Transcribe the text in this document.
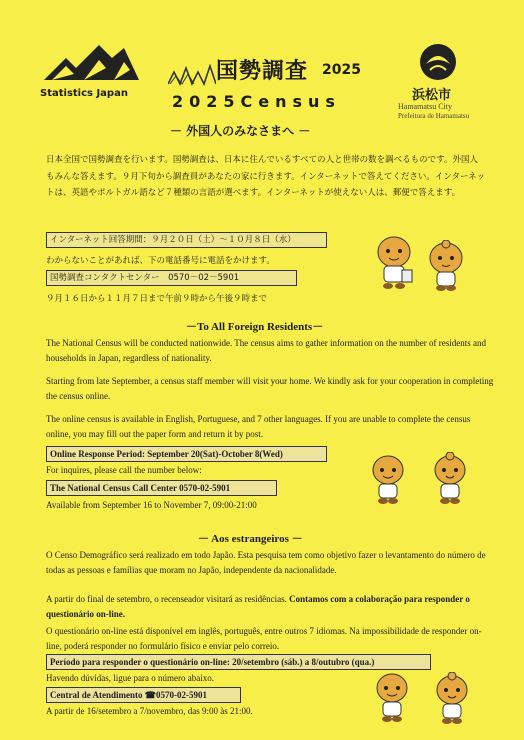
Statistics Japan
国勢調査 2025
2025Census	浜松市
Hamamatsu City
Prefeitura de Hamamatsu
－ 外国人のみなさまへ －
日本全国で国勢調査を行います。国勢調査は、日本に住んでいるすべての人と世帯の数を調べるものです。外国人もみんな答えます。９月下旬から調査員があなたの家に行きます。インターネットで答えてください。インターネットは、英語やポルトガル語など７種類の言語が選べます。インターネットが使えない人は、郵便で答えます。
インターネット回答期間：９月２０日（土）～１０月８日（水）
わからないことがあれば、下の電話番号に電話をかけます。
国勢調査コンタクトセンター　0570－02－5901
９月１６日から１１月７日まで午前９時から午後９時まで
－To All Foreign Residents－
The National Census will be conducted nationwide. The census aims to gather information on the number of residents and households in Japan, regardless of nationality.
Starting from late September, a census staff member will visit your home. We kindly ask for your cooperation in completing the census online.
The online census is available in English, Portuguese, and 7 other languages. If you are unable to complete the census online, you may fill out the paper form and return it by post.
Online Response Period: September 20(Sat)-October 8(Wed)
For inquires, please call the number below:
The National Census Call Center 0570-02-5901
Available from September 16 to November 7, 09:00-21:00
－ Aos estrangeiros －
O Censo Demográfico será realizado em todo Japão. Esta pesquisa tem como objetivo fazer o levantamento do número de todas as pessoas e famílias que moram no Japão, independente da nacionalidade.
A partir do final de setembro, o recenseador visitará as residências. Contamos com a colaboração para responder o questionário on-line.
O questionário on-line está disponível em inglês, português, entre outros 7 idiomas. Na impossibilidade de responder on-line, poderá responder no formulário físico e enviar pelo correio.
Período para responder o questionário on-line: 20/setembro (sáb.) a 8/outubro (qua.)
Havendo dúvidas, ligue para o número abaixo.
Central de Atendimento ☎0570-02-5901
A partir de 16/setembro a 7/novembro, das 9:00 às 21:00.
